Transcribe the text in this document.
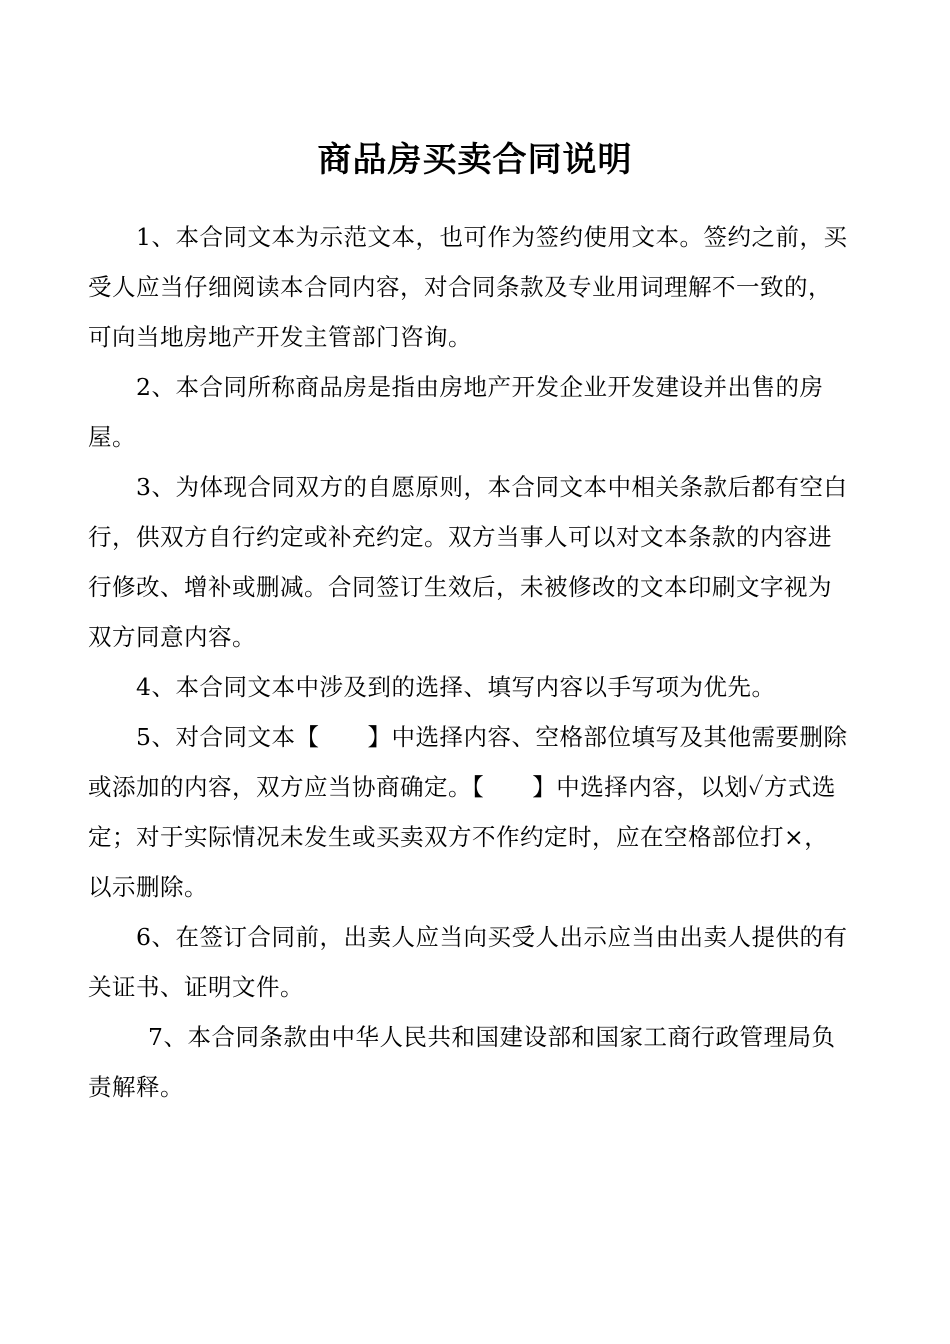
商品房买卖合同说明

1、本合同文本为示范文本，也可作为签约使用文本。签约之前，买受人应当仔细阅读本合同内容，对合同条款及专业用词理解不一致的，可向当地房地产开发主管部门咨询。

2、本合同所称商品房是指由房地产开发企业开发建设并出售的房屋。

3、为体现合同双方的自愿原则，本合同文本中相关条款后都有空白行，供双方自行约定或补充约定。双方当事人可以对文本条款的内容进行修改、增补或删减。合同签订生效后，未被修改的文本印刷文字视为双方同意内容。

4、本合同文本中涉及到的选择、填写内容以手写项为优先。

5、对合同文本【　　】中选择内容、空格部位填写及其他需要删除或添加的内容，双方应当协商确定。【　　】中选择内容，以划✓方式选定；对于实际情况未发生或买卖双方不作约定时，应在空格部位打×，以示删除。

6、在签订合同前，出卖人应当向买受人出示应当由出卖人提供的有关证书、证明文件。

7、本合同条款由中华人民共和国建设部和国家工商行政管理局负责解释。
